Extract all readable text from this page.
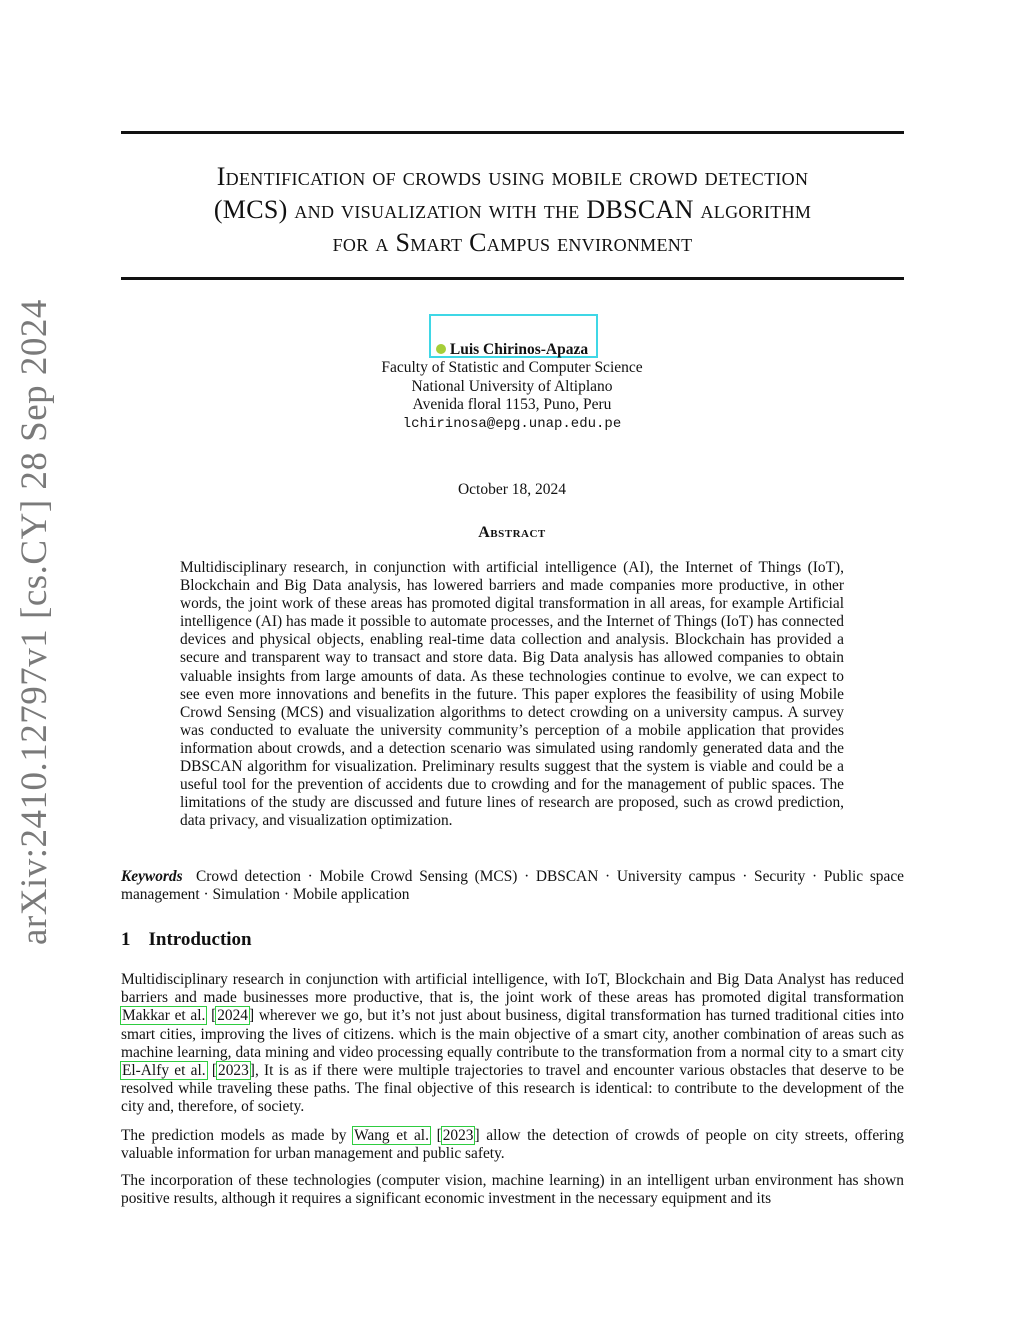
arXiv:2410.12797v1 [cs.CY] 28 Sep 2024
Identification of crowds using mobile crowd detection
(MCS) and visualization with the DBSCAN algorithm
for a Smart Campus environment
Luis Chirinos-Apaza
Faculty of Statistic and Computer Science
National University of Altiplano
Avenida floral 1153, Puno, Peru
lchirinosa@epg.unap.edu.pe
October 18, 2024
Abstract
Multidisciplinary research, in conjunction with artificial intelligence (AI), the Internet of Things (IoT), Blockchain and Big Data analysis, has lowered barriers and made companies more productive, in other words, the joint work of these areas has promoted digital transformation in all areas, for example Artificial intelligence (AI) has made it possible to automate processes, and the Internet of Things (IoT) has connected devices and physical objects, enabling real-time data collection and analysis. Blockchain has provided a secure and transparent way to transact and store data. Big Data analysis has allowed companies to obtain valuable insights from large amounts of data. As these technologies continue to evolve, we can expect to see even more innovations and benefits in the future. This paper explores the feasibility of using Mobile Crowd Sensing (MCS) and visualization algorithms to detect crowding on a university campus. A survey was conducted to evaluate the university community’s perception of a mobile application that provides information about crowds, and a detection scenario was simulated using randomly generated data and the DBSCAN algorithm for visualization. Preliminary results suggest that the system is viable and could be a useful tool for the prevention of accidents due to crowding and for the management of public spaces. The limitations of the study are discussed and future lines of research are proposed, such as crowd prediction, data privacy, and visualization optimization.
Keywords Crowd detection · Mobile Crowd Sensing (MCS) · DBSCAN · University campus · Security · Public space management · Simulation · Mobile application
1 Introduction
Multidisciplinary research in conjunction with artificial intelligence, with IoT, Blockchain and Big Data Analyst has reduced barriers and made businesses more productive, that is, the joint work of these areas has promoted digital transformation Makkar et al. [2024] wherever we go, but it’s not just about business, digital transformation has turned traditional cities into smart cities, improving the lives of citizens. which is the main objective of a smart city, another combination of areas such as machine learning, data mining and video processing equally contribute to the transformation from a normal city to a smart city El-Alfy et al. [2023], It is as if there were multiple trajectories to travel and encounter various obstacles that deserve to be resolved while traveling these paths. The final objective of this research is identical: to contribute to the development of the city and, therefore, of society.
The prediction models as made by Wang et al. [2023] allow the detection of crowds of people on city streets, offering valuable information for urban management and public safety.
The incorporation of these technologies (computer vision, machine learning) in an intelligent urban environment has shown positive results, although it requires a significant economic investment in the necessary equipment and its
